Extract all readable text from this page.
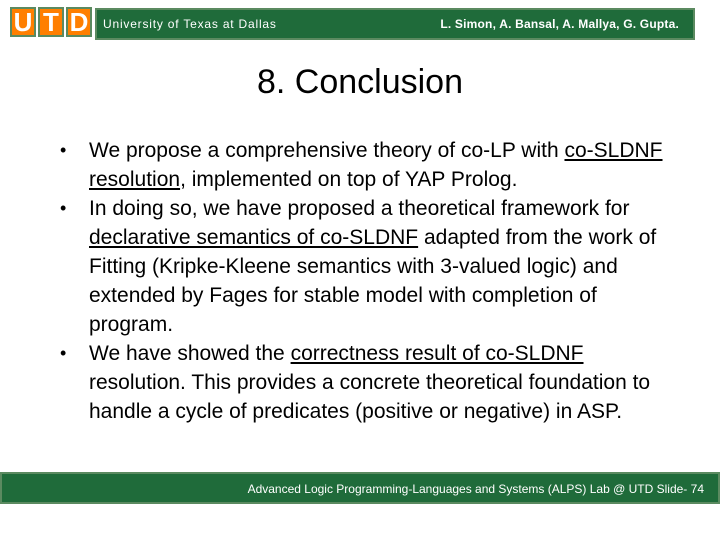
U T D	University of Texas at Dallas	L. Simon, A. Bansal, A. Mallya, G. Gupta.
8. Conclusion
• We propose a comprehensive theory of co-LP with co-SLDNF resolution, implemented on top of YAP Prolog.
• In doing so, we have proposed a theoretical framework for declarative semantics of co-SLDNF adapted from the work of Fitting (Kripke-Kleene semantics with 3-valued logic) and extended by Fages for stable model with completion of program.
• We have showed the correctness result of co-SLDNF resolution. This provides a concrete theoretical foundation to handle a cycle of predicates (positive or negative) in ASP.
Advanced Logic Programming-Languages and Systems (ALPS) Lab @ UTD Slide- 74
